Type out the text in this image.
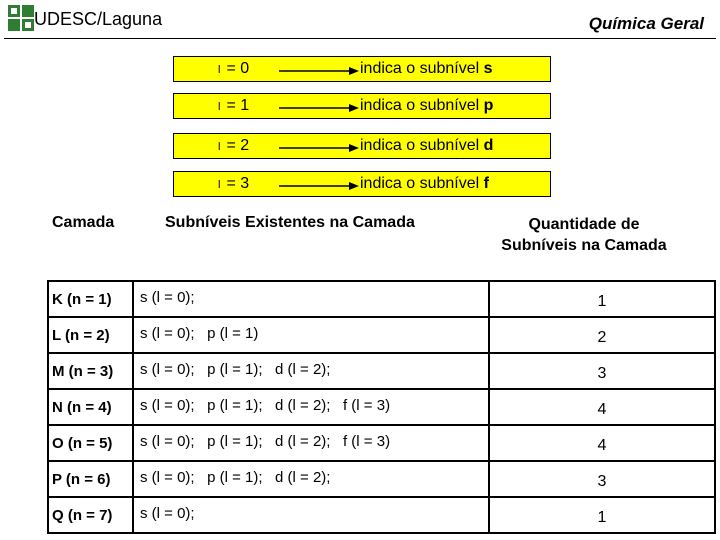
UDESC/Laguna	Química Geral
l = 0	indica o subnível s
l = 1	indica o subnível p
l = 2	indica o subnível d
l = 3	indica o subnível f
Camada	Subníveis Existentes na Camada	Quantidade de
Subníveis na Camada
K (n = 1)	s (l = 0);	1
L (n = 2)	s (l = 0);   p (l = 1)	2
M (n = 3)	s (l = 0);   p (l = 1);   d (l = 2);	3
N (n = 4)	s (l = 0);   p (l = 1);   d (l = 2);   f (l = 3)	4
O (n = 5)	s (l = 0);   p (l = 1);   d (l = 2);   f (l = 3)	4
P (n = 6)	s (l = 0);   p (l = 1);   d (l = 2);	3
Q (n = 7)	s (l = 0);	1
